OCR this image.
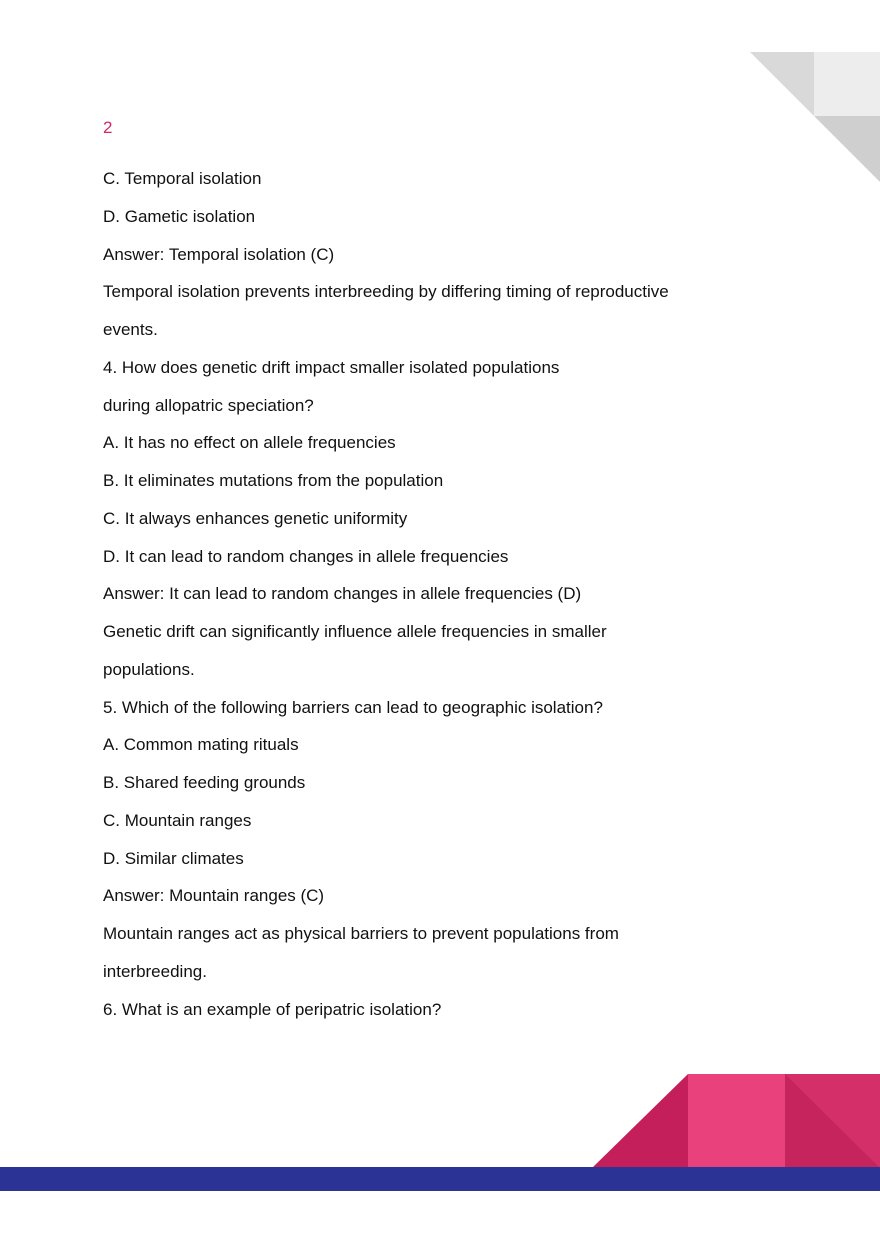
2

C. Temporal isolation

D. Gametic isolation

Answer: Temporal isolation (C)

Temporal isolation prevents interbreeding by differing timing of reproductive

events.

4. How does genetic drift impact smaller isolated populations

during allopatric speciation?

A. It has no effect on allele frequencies

B. It eliminates mutations from the population

C. It always enhances genetic uniformity

D. It can lead to random changes in allele frequencies

Answer: It can lead to random changes in allele frequencies (D)

Genetic drift can significantly influence allele frequencies in smaller

populations.

5. Which of the following barriers can lead to geographic isolation?

A. Common mating rituals

B. Shared feeding grounds

C. Mountain ranges

D. Similar climates

Answer: Mountain ranges (C)

Mountain ranges act as physical barriers to prevent populations from

interbreeding.

6. What is an example of peripatric isolation?
